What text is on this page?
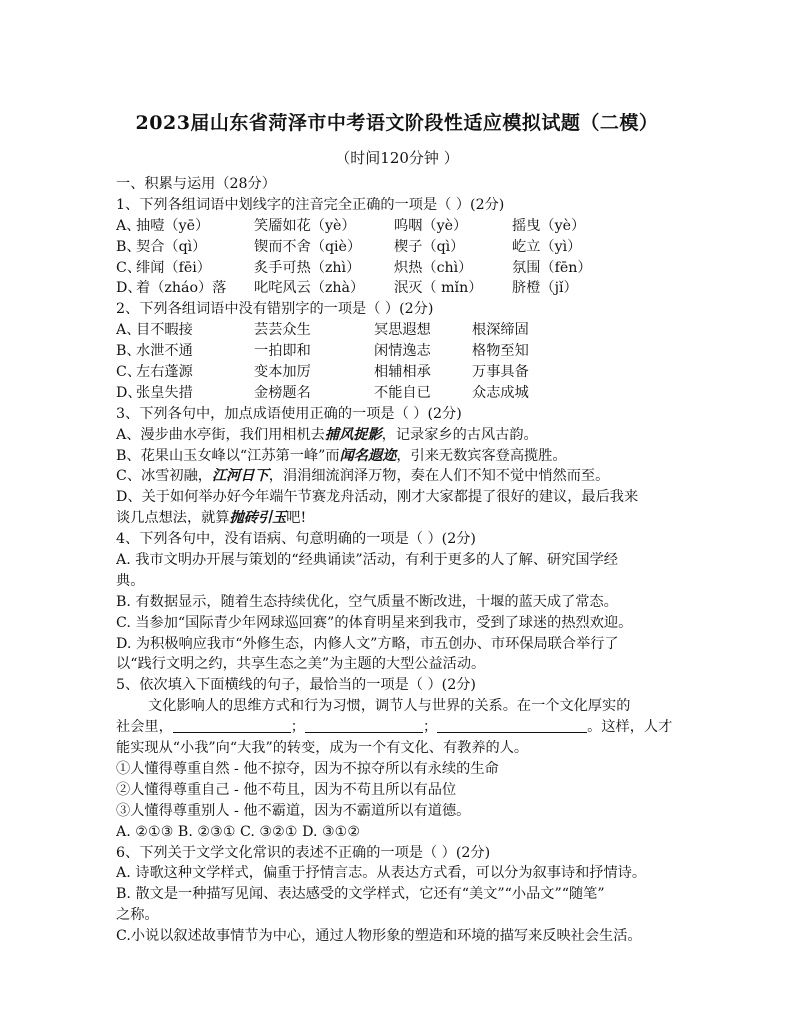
2023届山东省菏泽市中考语文阶段性适应模拟试题（二模）
（时间120分钟 ）
一、积累与运用（28分）
1、下列各组词语中划线字的注音完全正确的一项是（ ）(2分)
A、抽噎（yē）	笑靥如花（yè）	呜咽（yè）	摇曳（yè）
B、契合（qì）	锲而不舍（qiè） 楔子（qì）	屹立（yì）
C、绯闻（fēi）	炙手可热（zhì） 炽热（chì）	氛围（fēn）
D、着（zháo）落 叱咤风云（zhà） 泯灭（ mǐn） 脐橙（jǐ）
2、下列各组词语中没有错别字的一项是（ ）(2分)
A、目不暇接	芸芸众生	冥思遐想	根深缔固
B、水泄不通	一拍即和	闲情逸志	格物至知
C、左右蓬源	变本加厉	相辅相承	万事具备
D、张皇失措	金榜题名	不能自已	众志成城
3、下列各句中，加点成语使用正确的一项是（ ）(2分)
A、漫步曲水亭街，我们用相机去捕风捉影，记录家乡的古风古韵。
B、花果山玉女峰以“江苏第一峰”而闻名遐迩，引来无数宾客登高揽胜。
C、冰雪初融，江河日下，涓涓细流润泽万物，奏在人们不知不觉中悄然而至。
D、关于如何举办好今年端午节赛龙舟活动，刚才大家都提了很好的建议，最后我来
谈几点想法，就算抛砖引玉吧!
4、下列各句中，没有语病、句意明确的一项是（ ）(2分)
A. 我市文明办开展与策划的“经典诵读”活动，有利于更多的人了解、研究国学经
典。
B. 有数据显示，随着生态持续优化，空气质量不断改进，十堰的蓝天成了常态。
C. 当参加“国际青少年网球巡回赛”的体育明星来到我市，受到了球迷的热烈欢迎。
D. 为积极响应我市“外修生态，内修人文”方略，市五创办、市环保局联合举行了
以“践行文明之约，共享生态之美”为主题的大型公益活动。
5、依次填入下面横线的句子，最恰当的一项是（ ）(2分)
文化影响人的思维方式和行为习惯，调节人与世界的关系。在一个文化厚实的
社会里，	；	；	。这样，人才
能实现从“小我”向“大我”的转变，成为一个有文化、有教养的人。
①人懂得尊重自然 - 他不掠夺，因为不掠夺所以有永续的生命
②人懂得尊重自己 - 他不苟且，因为不苟且所以有品位
③人懂得尊重别人 - 他不霸道，因为不霸道所以有道德。
A. ②①③ B. ②③① C. ③②① D. ③①②
6、下列关于文学文化常识的表述不正确的一项是（ ）(2分)
A. 诗歌这种文学样式，偏重于抒情言志。从表达方式看，可以分为叙事诗和抒情诗。
B. 散文是一种描写见闻、表达感受的文学样式，它还有“美文”“小品文”“随笔”
之称。
C.小说以叙述故事情节为中心，通过人物形象的塑造和环境的描写来反映社会生活。
